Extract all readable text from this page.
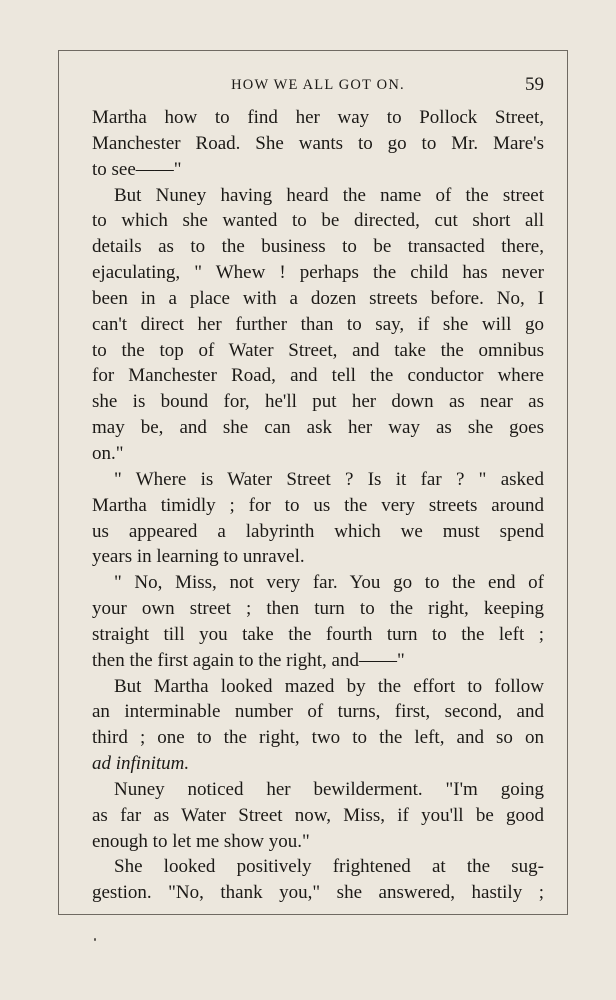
HOW WE ALL GOT ON.	59
Martha how to find her way to Pollock Street,
Manchester Road. She wants to go to Mr. Mare's
to see——"
But Nuney having heard the name of the street
to which she wanted to be directed, cut short all
details as to the business to be transacted there,
ejaculating, " Whew ! perhaps the child has never
been in a place with a dozen streets before. No, I
can't direct her further than to say, if she will go
to the top of Water Street, and take the omnibus
for Manchester Road, and tell the conductor where
she is bound for, he'll put her down as near as
may be, and she can ask her way as she goes
on."
" Where is Water Street ? Is it far ? " asked
Martha timidly ; for to us the very streets around
us appeared a labyrinth which we must spend
years in learning to unravel.
" No, Miss, not very far. You go to the end of
your own street ; then turn to the right, keeping
straight till you take the fourth turn to the left ;
then the first again to the right, and——"
But Martha looked mazed by the effort to follow
an interminable number of turns, first, second, and
third ; one to the right, two to the left, and so on
ad infinitum.
Nuney noticed her bewilderment. "I'm going
as far as Water Street now, Miss, if you'll be good
enough to let me show you."
She looked positively frightened at the sug-
gestion. "No, thank you," she answered, hastily ;
